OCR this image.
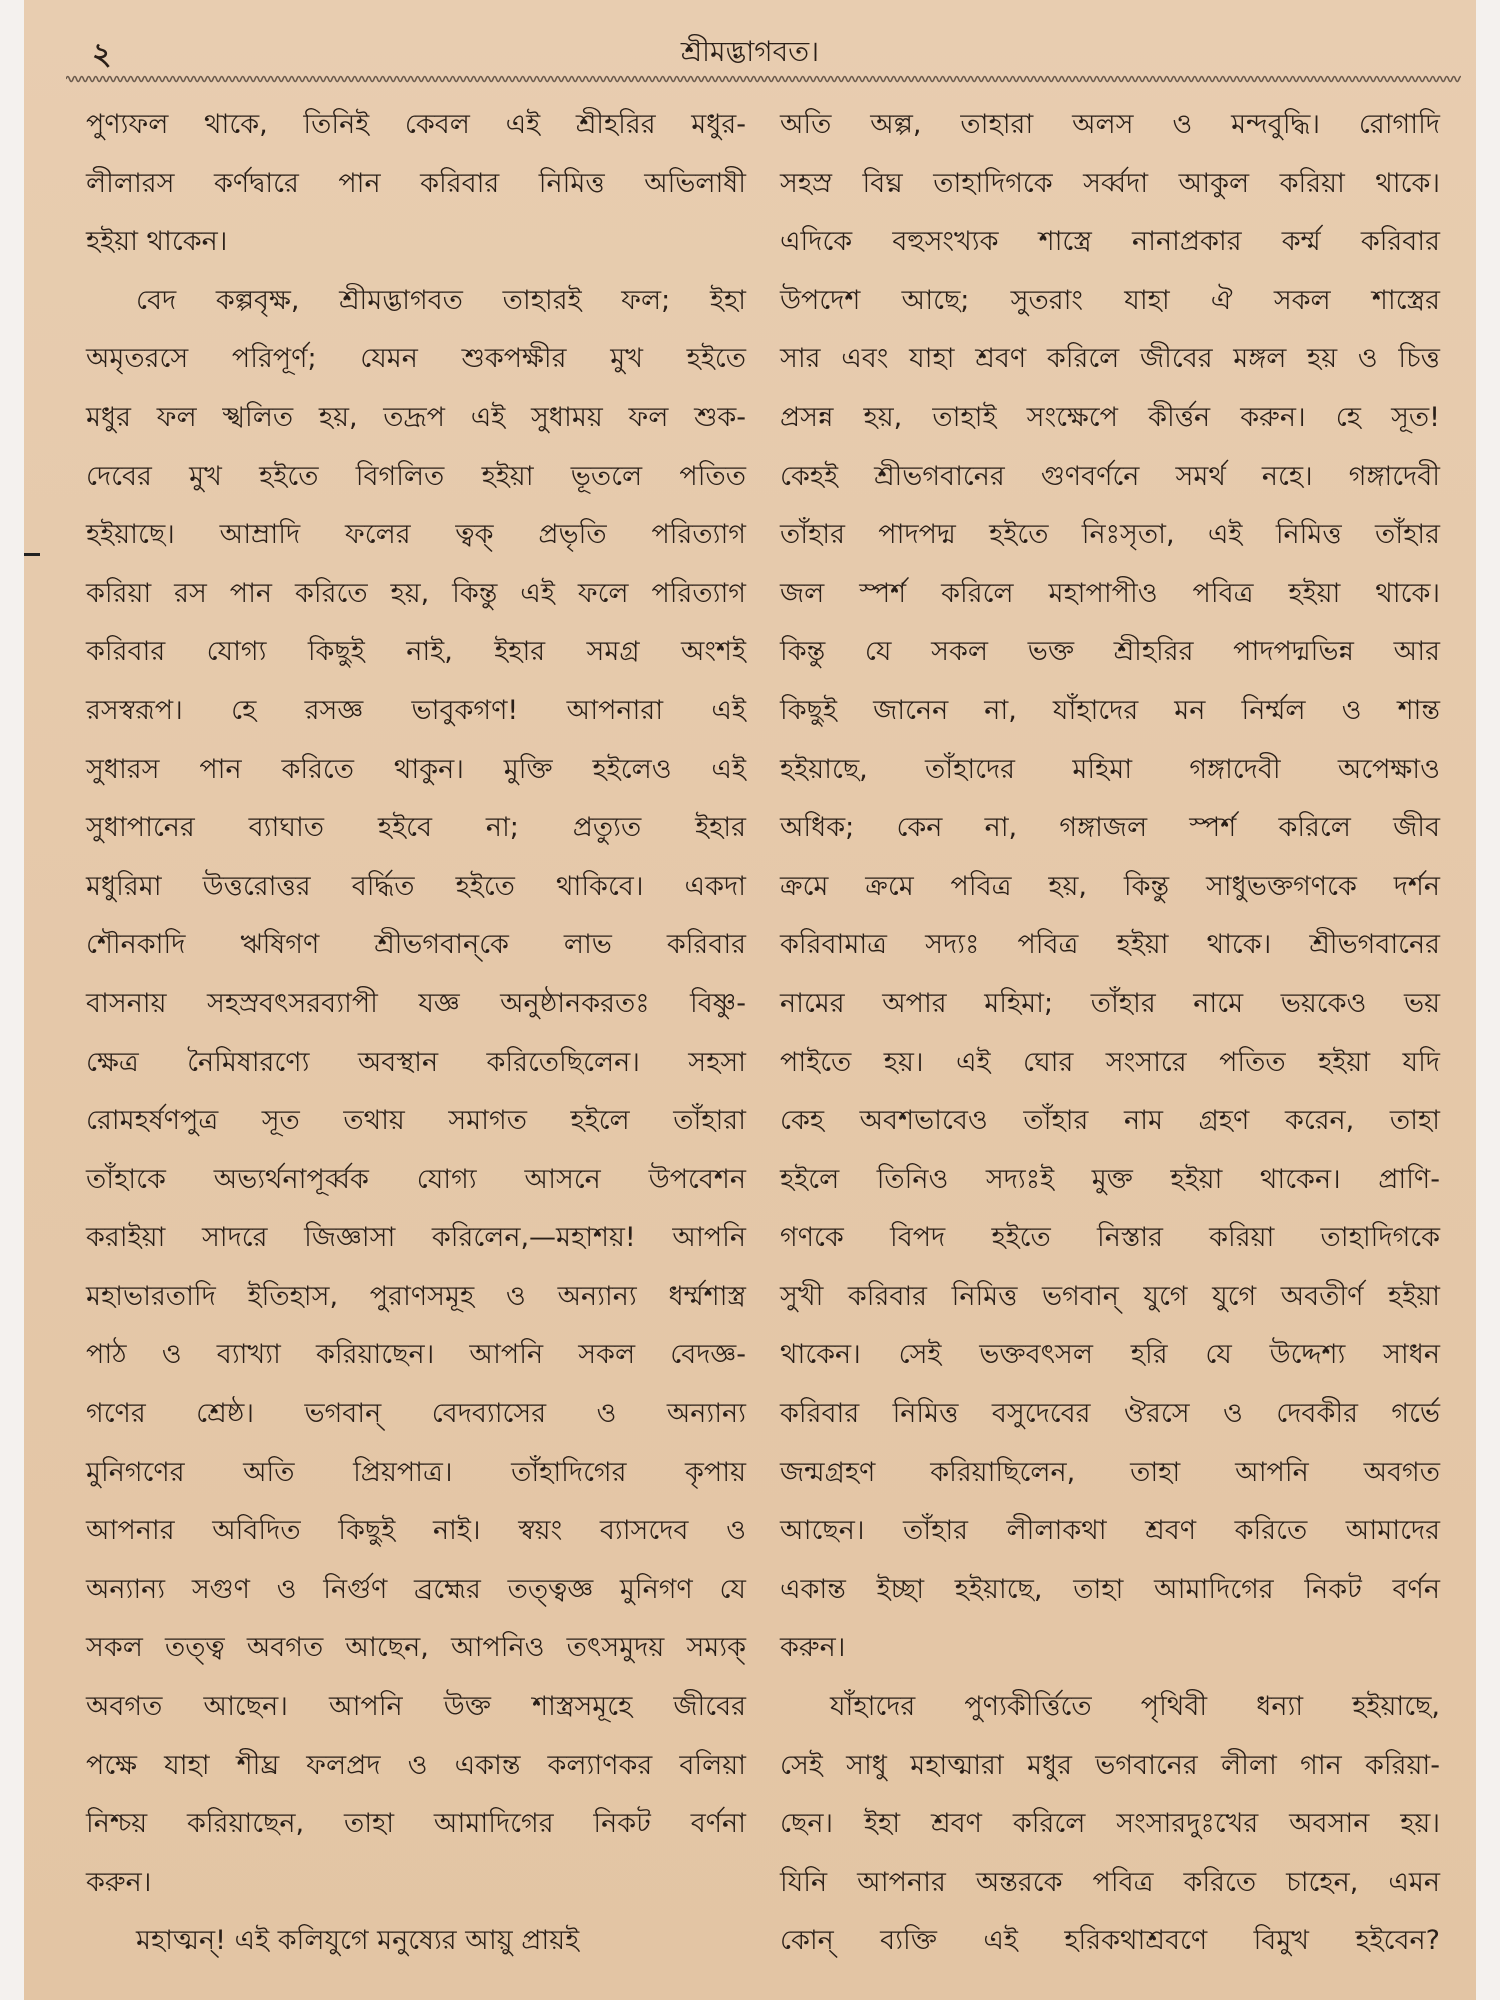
২	শ্রীমদ্ভাগবত।
পুণ্যফল থাকে, তিনিই কেবল এই শ্রীহরির মধুর-
লীলারস কর্ণদ্বারে পান করিবার নিমিত্ত অভিলাষী
হইয়া থাকেন।
বেদ কল্পবৃক্ষ, শ্রীমদ্ভাগবত তাহারই ফল; ইহা
অমৃতরসে পরিপূর্ণ; যেমন শুকপক্ষীর মুখ হইতে
মধুর ফল স্খলিত হয়, তদ্রূপ এই সুধাময় ফল শুক-
দেবের মুখ হইতে বিগলিত হইয়া ভূতলে পতিত
হইয়াছে। আম্রাদি ফলের ত্বক্ প্রভৃতি পরিত্যাগ
করিয়া রস পান করিতে হয়, কিন্তু এই ফলে পরিত্যাগ
করিবার যোগ্য কিছুই নাই, ইহার সমগ্র অংশই
রসস্বরূপ। হে রসজ্ঞ ভাবুকগণ! আপনারা এই
সুধারস পান করিতে থাকুন। মুক্তি হইলেও এই
সুধাপানের ব্যাঘাত হইবে না; প্রত্যুত ইহার
মধুরিমা উত্তরোত্তর বর্দ্ধিত হইতে থাকিবে। একদা
শৌনকাদি ঋষিগণ শ্রীভগবান্‌কে লাভ করিবার
বাসনায় সহস্রবৎসরব্যাপী যজ্ঞ অনুষ্ঠানকরতঃ বিষ্ণু-
ক্ষেত্র নৈমিষারণ্যে অবস্থান করিতেছিলেন। সহসা
রোমহর্ষণপুত্র সূত তথায় সমাগত হইলে তাঁহারা
তাঁহাকে অভ্যর্থনাপূর্ব্বক যোগ্য আসনে উপবেশন
করাইয়া সাদরে জিজ্ঞাসা করিলেন,—মহাশয়! আপনি
মহাভারতাদি ইতিহাস, পুরাণসমূহ ও অন্যান্য ধর্ম্মশাস্ত্র
পাঠ ও ব্যাখ্যা করিয়াছেন। আপনি সকল বেদজ্ঞ-
গণের শ্রেষ্ঠ। ভগবান্ বেদব্যাসের ও অন্যান্য
মুনিগণের অতি প্রিয়পাত্র। তাঁহাদিগের কৃপায়
আপনার অবিদিত কিছুই নাই। স্বয়ং ব্যাসদেব ও
অন্যান্য সগুণ ও নির্গুণ ব্রহ্মের তত্ত্বজ্ঞ মুনিগণ যে
সকল তত্ত্ব অবগত আছেন, আপনিও তৎসমুদয় সম্যক্
অবগত আছেন। আপনি উক্ত শাস্ত্রসমূহে জীবের
পক্ষে যাহা শীঘ্র ফলপ্রদ ও একান্ত কল্যাণকর বলিয়া
নিশ্চয় করিয়াছেন, তাহা আমাদিগের নিকট বর্ণনা
করুন।
মহাত্মন্! এই কলিযুগে মনুষ্যের আয়ু প্রায়ই
অতি অল্প, তাহারা অলস ও মন্দবুদ্ধি। রোগাদি
সহস্র বিঘ্ন তাহাদিগকে সর্ব্বদা আকুল করিয়া থাকে।
এদিকে বহুসংখ্যক শাস্ত্রে নানাপ্রকার কর্ম্ম করিবার
উপদেশ আছে; সুতরাং যাহা ঐ সকল শাস্ত্রের
সার এবং যাহা শ্রবণ করিলে জীবের মঙ্গল হয় ও চিত্ত
প্রসন্ন হয়, তাহাই সংক্ষেপে কীর্ত্তন করুন। হে সূত!
কেহই শ্রীভগবানের গুণবর্ণনে সমর্থ নহে। গঙ্গাদেবী
তাঁহার পাদপদ্ম হইতে নিঃসৃতা, এই নিমিত্ত তাঁহার
জল স্পর্শ করিলে মহাপাপীও পবিত্র হইয়া থাকে।
কিন্তু যে সকল ভক্ত শ্রীহরির পাদপদ্মভিন্ন আর
কিছুই জানেন না, যাঁহাদের মন নির্ম্মল ও শান্ত
হইয়াছে, তাঁহাদের মহিমা গঙ্গাদেবী অপেক্ষাও
অধিক; কেন না, গঙ্গাজল স্পর্শ করিলে জীব
ক্রমে ক্রমে পবিত্র হয়, কিন্তু সাধুভক্তগণকে দর্শন
করিবামাত্র সদ্যঃ পবিত্র হইয়া থাকে। শ্রীভগবানের
নামের অপার মহিমা; তাঁহার নামে ভয়কেও ভয়
পাইতে হয়। এই ঘোর সংসারে পতিত হইয়া যদি
কেহ অবশভাবেও তাঁহার নাম গ্রহণ করেন, তাহা
হইলে তিনিও সদ্যঃই মুক্ত হইয়া থাকেন। প্রাণি-
গণকে বিপদ হইতে নিস্তার করিয়া তাহাদিগকে
সুখী করিবার নিমিত্ত ভগবান্ যুগে যুগে অবতীর্ণ হইয়া
থাকেন। সেই ভক্তবৎসল হরি যে উদ্দেশ্য সাধন
করিবার নিমিত্ত বসুদেবের ঔরসে ও দেবকীর গর্ভে
জন্মগ্রহণ করিয়াছিলেন, তাহা আপনি অবগত
আছেন। তাঁহার লীলাকথা শ্রবণ করিতে আমাদের
একান্ত ইচ্ছা হইয়াছে, তাহা আমাদিগের নিকট বর্ণন
করুন।
যাঁহাদের পুণ্যকীর্ত্তিতে পৃথিবী ধন্যা হইয়াছে,
সেই সাধু মহাত্মারা মধুর ভগবানের লীলা গান করিয়া-
ছেন। ইহা শ্রবণ করিলে সংসারদুঃখের অবসান হয়।
যিনি আপনার অন্তরকে পবিত্র করিতে চাহেন, এমন
কোন্ ব্যক্তি এই হরিকথাশ্রবণে বিমুখ হইবেন?
